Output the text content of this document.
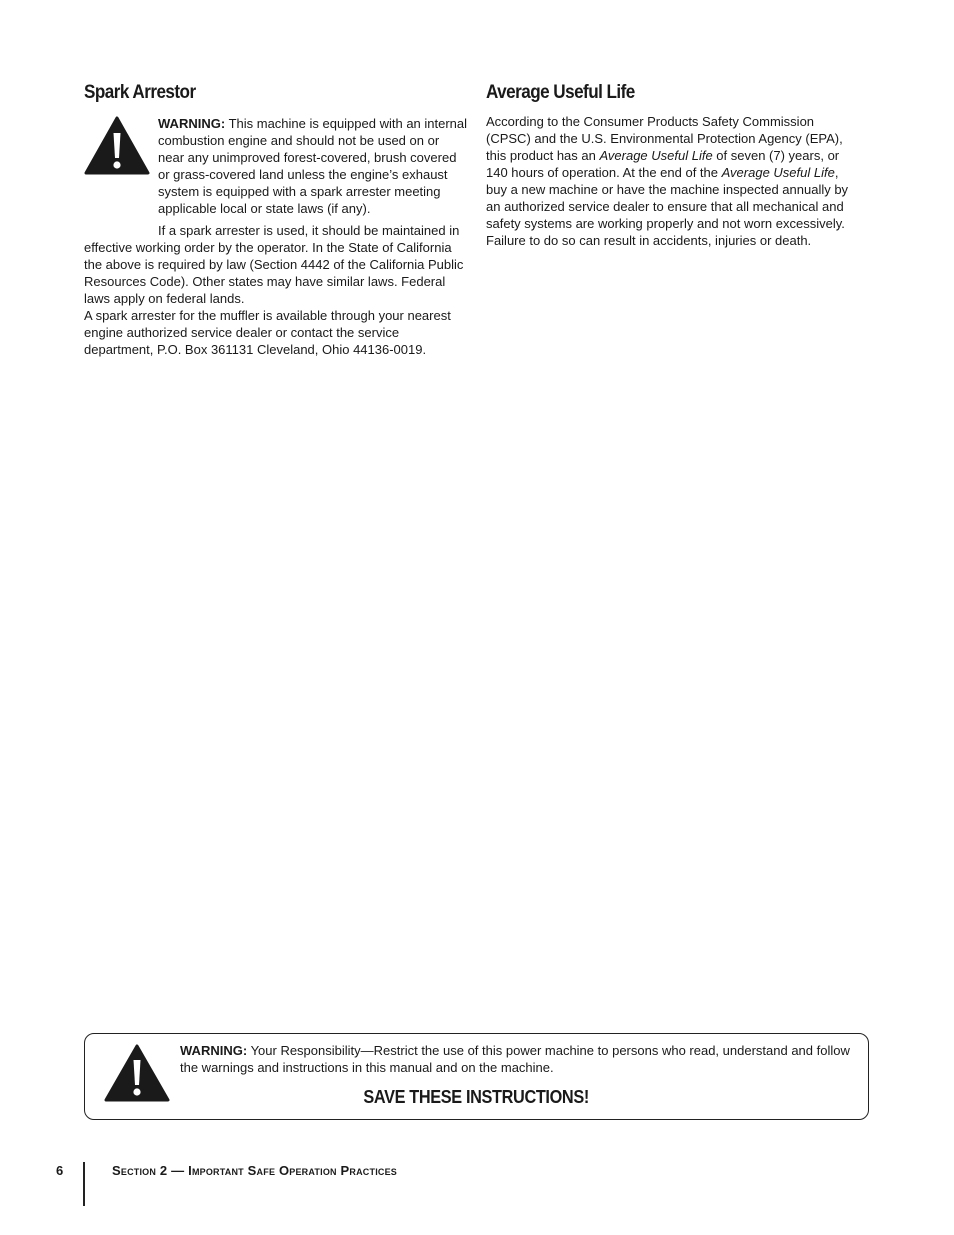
Spark Arrestor

WARNING: This machine is equipped with an internal combustion engine and should not be used on or near any unimproved forest-covered, brush covered or grass-covered land unless the engine’s exhaust system is equipped with a spark arrester meeting applicable local or state laws (if any).

If a spark arrester is used, it should be maintained in effective working order by the operator. In the State of California the above is required by law (Section 4442 of the California Public Resources Code). Other states may have similar laws. Federal laws apply on federal lands.

A spark arrester for the muffler is available through your nearest engine authorized service dealer or contact the service department, P.O. Box 361131 Cleveland, Ohio 44136-0019.

Average Useful Life

According to the Consumer Products Safety Commission (CPSC) and the U.S. Environmental Protection Agency (EPA), this product has an Average Useful Life of seven (7) years, or 140 hours of operation. At the end of the Average Useful Life, buy a new machine or have the machine inspected annually by an authorized service dealer to ensure that all mechanical and safety systems are working properly and not worn excessively. Failure to do so can result in accidents, injuries or death.

WARNING: Your Responsibility—Restrict the use of this power machine to persons who read, understand and follow the warnings and instructions in this manual and on the machine.

SAVE THESE INSTRUCTIONS!
6	Section 2 — Important Safe Operation Practices
